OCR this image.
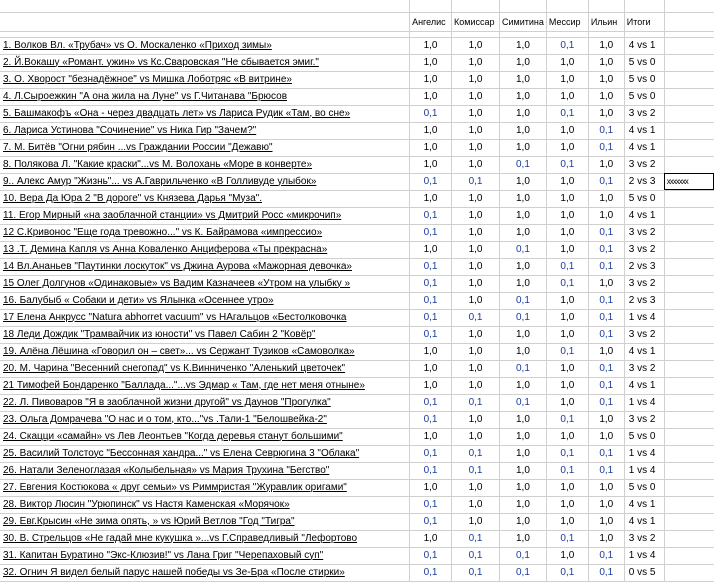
	Ангелис	Комиссар	Симитина	Мессир	Ильин	Итоги	

1. Волков Вл. «Трубач» vs О. Москаленко «Приход зимы»	1,0	1,0	1,0	0,1	1,0	4 vs 1	
2. Й.Вокашу «Романт. ужин» vs Кс.Сваровская "Не сбывается эмиг."	1,0	1,0	1,0	1,0	1,0	5 vs 0	
3. О. Хворост "безнадёжное" vs Мишка Лоботряс «В витрине»	1,0	1,0	1,0	1,0	1,0	5 vs 0	
4. Л.Сыроежкин "А она жила на Луне" vs Г.Читанава "Брюсов	1,0	1,0	1,0	1,0	1,0	5 vs 0	
5. Башмакофъ «Она - через двадцать лет» vs Лариса Рудик «Там, во сне»	0,1	1,0	1,0	0,1	1,0	3 vs 2	
6. Лариса Устинова "Сочинение" vs Ника Гир "Зачем?"	1,0	1,0	1,0	1,0	0,1	4 vs 1	
7. М. Битёв "Огни рябин ...vs Граждании России "Дежавю"	1,0	1,0	1,0	1,0	0,1	4 vs 1	
8. Полякова Л. "Какие краски"...vs М. Волохань «Море в конверте»	1,0	1,0	0,1	0,1	1,0	3 vs 2	
9.. Алекс Амур "Жизнь"... vs А.Гаврильченко «В Голливуде улыбок»	0,1	0,1	1,0	1,0	0,1	2 vs 3	xxxxxxx
10. Вера Да Юра 2 "В дороге" vs Князева Дарья "Муза".	1,0	1,0	1,0	1,0	1,0	5 vs 0	
11. Егор Мирный «на заоблачной станции» vs Дмитрий Росс «микрочип»	0,1	1,0	1,0	1,0	1,0	4 vs 1	
12 С.Кривонос "Еще года тревожно..." vs К. Байрамова «импрессио»	0,1	1,0	1,0	1,0	0,1	3 vs 2	
13 .Т. Демина Капля vs Анна Коваленко Анциферова «Ты прекрасна»	1,0	1,0	0,1	1,0	0,1	3 vs 2	
14 Вл.Ананьев "Паутинки лоскуток" vs Джина Аурова «Мажорная девочка»	0,1	1,0	1,0	0,1	0,1	2 vs 3	
15 Олег Долгунов «Одинаковые» vs Вадим Казначеев «Утром на улыбку »	0,1	1,0	1,0	0,1	1,0	3 vs 2	
16. Балубыб « Собаки и дети» vs Ялынка «Осеннее утро»	0,1	1,0	0,1	1,0	0,1	2 vs 3	
17 Елена Анкрусс "Natura abhorret vacuum" vs НАгальцов «Бестолковочка	0,1	0,1	0,1	1,0	0,1	1 vs 4	
18 Леди Дождик "Трамвайчик из юности" vs Павел Сабин 2 "Ковёр"	0,1	1,0	1,0	1,0	0,1	3 vs 2	
19. Алёна Лёшина «Говорил он – свет»... vs Сержант Тузиков «Самоволка»	1,0	1,0	1,0	0,1	1,0	4 vs 1	
20. М. Чарина "Весенний снегопад" vs К.Винниченко "Аленький цветочек"	1,0	1,0	0,1	1,0	0,1	3 vs 2	
21 Тимофей Бондаренко "Баллада..."...vs Эдмар « Там, где нет меня отныне»	1,0	1,0	1,0	1,0	0,1	4 vs 1	
22. Л. Пивоваров "Я в заоблачной жизни другой" vs Даунов "Прогулка"	0,1	0,1	0,1	1,0	0,1	1 vs 4	
23. Ольга Домрачева "О нас и о том, кто..."vs .Тали-1 "Белошвейка-2"	0,1	1,0	1,0	0,1	1,0	3 vs 2	
24. Скацци «самайн» vs Лев Леонтьев "Когда деревья станут большими"	1,0	1,0	1,0	1,0	1,0	5 vs 0	
25. Василий Толстоус "Бессонная хандра..." vs Елена Севрюгина 3 "Облака"	0,1	0,1	1,0	0,1	0,1	1 vs 4	
26. Натали Зеленоглазая «Колыбельная» vs Мария Трухина "Бегство"	0,1	0,1	1,0	0,1	0,1	1 vs 4	
27. Евгения Костюкова « друг семьи» vs Риммристая "Журавлик оригами"	1,0	1,0	1,0	1,0	1,0	5 vs 0	
28. Виктор Люсин "Урюпинск" vs Настя Каменская «Морячок»	0,1	1,0	1,0	1,0	1,0	4 vs 1	
29. Евг.Крысин «Не зима опять, » vs Юрий Ветлов "Год "Тигра"	0,1	1,0	1,0	1,0	1,0	4 vs 1	
30. В. Стрельцов «Не гадай мне кукушка »...vs Г.Справедливый "Лефортово	1,0	0,1	1,0	0,1	1,0	3 vs 2	
31. Капитан Буратино "Экс-Клюзив!" vs Лана Григ "Черепаховый суп"	0,1	0,1	0,1	1,0	0,1	1 vs 4	
32. Огнич Я видел белый парус нашей победы vs Зе-Бра «После стирки»	0,1	0,1	0,1	0,1	0,1	0 vs 5	
